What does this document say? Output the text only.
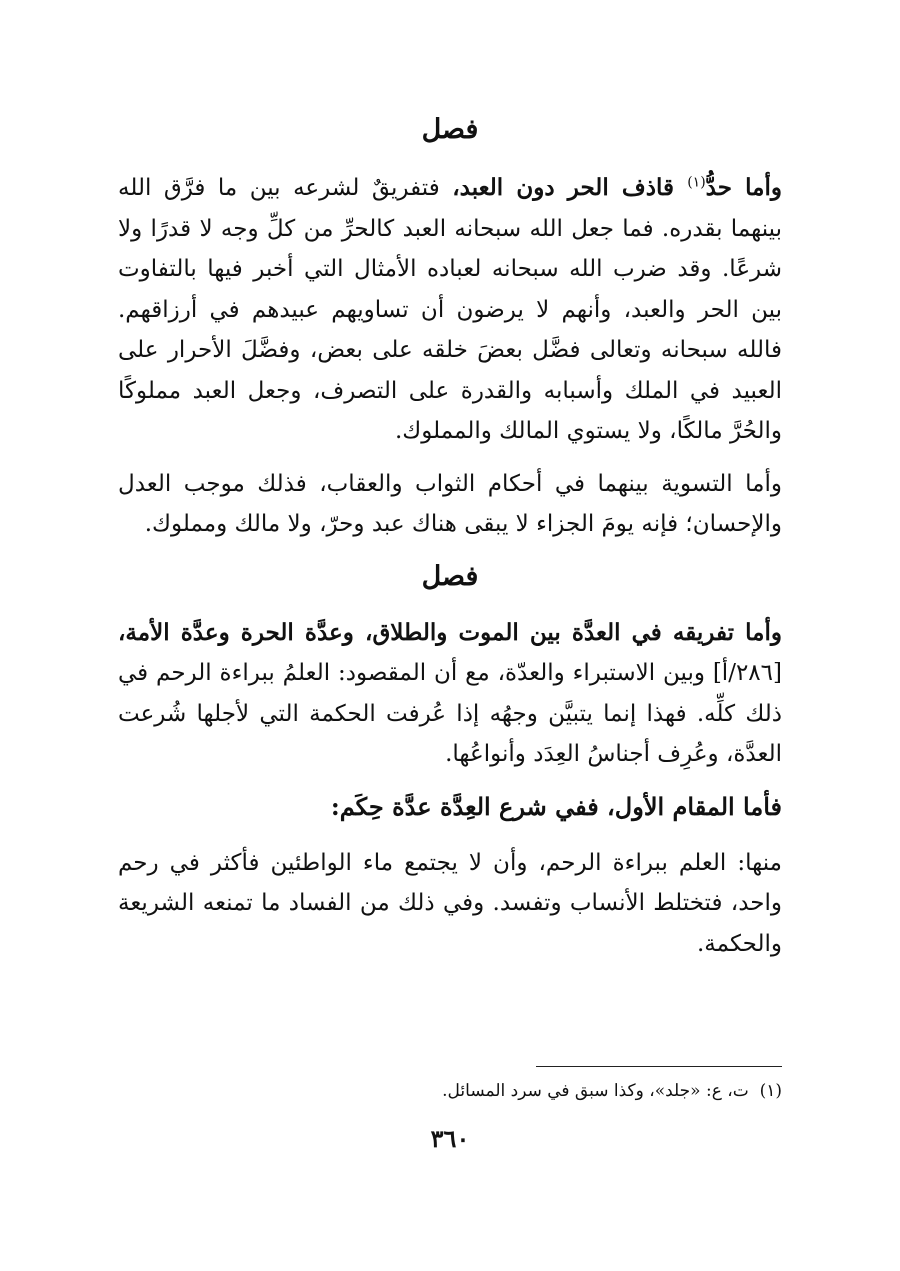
فصل

وأما حدُّ$^{(١)}$ قاذف الحر دون العبد، فتفريقٌ لشرعه بين ما فرَّق الله بينهما بقدره. فما جعل الله سبحانه العبد كالحرِّ من كلِّ وجه لا قدرًا ولا شرعًا. وقد ضرب الله سبحانه لعباده الأمثال التي أخبر فيها بالتفاوت بين الحر والعبد، وأنهم لا يرضون أن تساويهم عبيدهم في أرزاقهم. فالله سبحانه وتعالى فضَّل بعضَ خلقه على بعض، وفضَّلَ الأحرار على العبيد في الملك وأسبابه والقدرة على التصرف، وجعل العبد مملوكًا والحُرَّ مالكًا، ولا يستوي المالك والمملوك.

وأما التسوية بينهما في أحكام الثواب والعقاب، فذلك موجب العدل والإحسان؛ فإنه يومَ الجزاء لا يبقى هناك عبد وحرّ، ولا مالك ومملوك.

فصل

وأما تفريقه في العدَّة بين الموت والطلاق، وعدَّة الحرة وعدَّة الأمة، [٢٨٦/أ] وبين الاستبراء والعدّة، مع أن المقصود: العلمُ ببراءة الرحم في ذلك كلِّه. فهذا إنما يتبيَّن وجهُه إذا عُرفت الحكمة التي لأجلها شُرعت العدَّة، وعُرِف أجناسُ العِدَد وأنواعُها.

فأما المقام الأول، ففي شرع العِدَّة عدَّة حِكَم:

منها: العلم ببراءة الرحم، وأن لا يجتمع ماء الواطئين فأكثر في رحم واحد، فتختلط الأنساب وتفسد. وفي ذلك من الفساد ما تمنعه الشريعة والحكمة.

(١)  ت، ع: «جلد»، وكذا سبق في سرد المسائل.
٣٦٠
